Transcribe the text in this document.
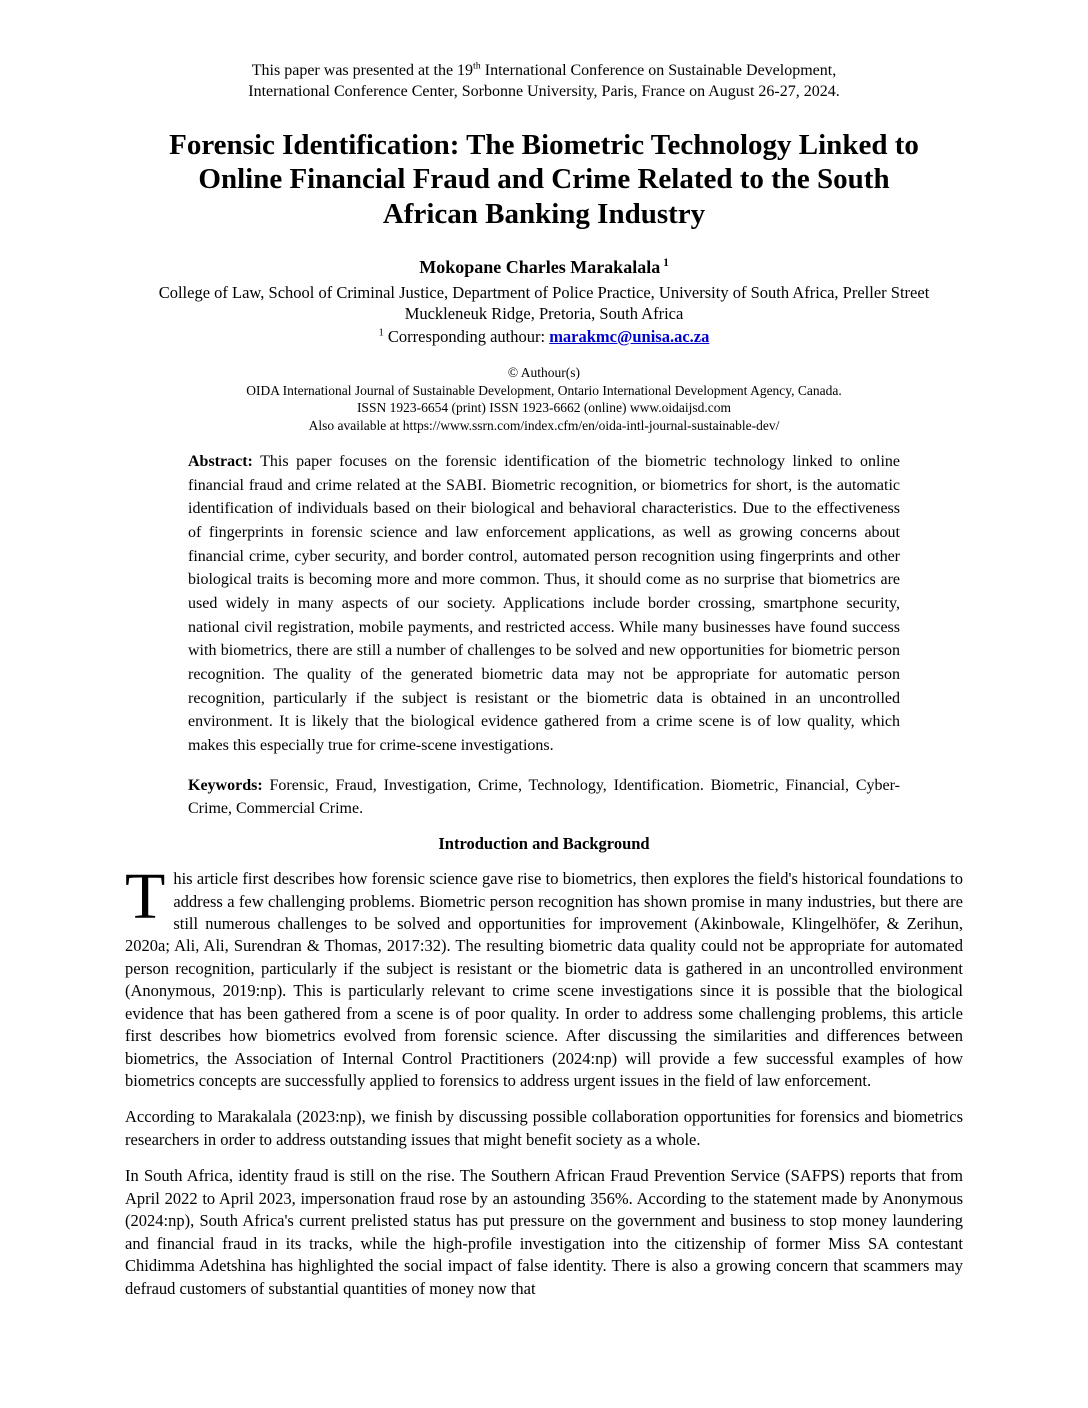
This paper was presented at the 19th International Conference on Sustainable Development,
International Conference Center, Sorbonne University, Paris, France on August 26-27, 2024.
Forensic Identification: The Biometric Technology Linked to
Online Financial Fraud and Crime Related to the South
African Banking Industry
Mokopane Charles Marakalala $^1$
College of Law, School of Criminal Justice, Department of Police Practice, University of South Africa, Preller Street Muckleneuk Ridge, Pretoria, South Africa
$^1$ Corresponding authour: marakmc@unisa.ac.za
© Authour(s)
OIDA International Journal of Sustainable Development, Ontario International Development Agency, Canada.
ISSN 1923-6654 (print) ISSN 1923-6662 (online) www.oidaijsd.com
Also available at https://www.ssrn.com/index.cfm/en/oida-intl-journal-sustainable-dev/

Abstract: This paper focuses on the forensic identification of the biometric technology linked to online financial fraud and crime related at the SABI. Biometric recognition, or biometrics for short, is the automatic identification of individuals based on their biological and behavioral characteristics. Due to the effectiveness of fingerprints in forensic science and law enforcement applications, as well as growing concerns about financial crime, cyber security, and border control, automated person recognition using fingerprints and other biological traits is becoming more and more common. Thus, it should come as no surprise that biometrics are used widely in many aspects of our society. Applications include border crossing, smartphone security, national civil registration, mobile payments, and restricted access. While many businesses have found success with biometrics, there are still a number of challenges to be solved and new opportunities for biometric person recognition. The quality of the generated biometric data may not be appropriate for automatic person recognition, particularly if the subject is resistant or the biometric data is obtained in an uncontrolled environment. It is likely that the biological evidence gathered from a crime scene is of low quality, which makes this especially true for crime-scene investigations.

Keywords: Forensic, Fraud, Investigation, Crime, Technology, Identification. Biometric, Financial, Cyber-Crime, Commercial Crime.

Introduction and Background

This article first describes how forensic science gave rise to biometrics, then explores the field's historical foundations to address a few challenging problems. Biometric person recognition has shown promise in many industries, but there are still numerous challenges to be solved and opportunities for improvement (Akinbowale, Klingelhöfer, & Zerihun, 2020a; Ali, Ali, Surendran & Thomas, 2017:32). The resulting biometric data quality could not be appropriate for automated person recognition, particularly if the subject is resistant or the biometric data is gathered in an uncontrolled environment (Anonymous, 2019:np). This is particularly relevant to crime scene investigations since it is possible that the biological evidence that has been gathered from a scene is of poor quality. In order to address some challenging problems, this article first describes how biometrics evolved from forensic science. After discussing the similarities and differences between biometrics, the Association of Internal Control Practitioners (2024:np) will provide a few successful examples of how biometrics concepts are successfully applied to forensics to address urgent issues in the field of law enforcement.

According to Marakalala (2023:np), we finish by discussing possible collaboration opportunities for forensics and biometrics researchers in order to address outstanding issues that might benefit society as a whole.

In South Africa, identity fraud is still on the rise. The Southern African Fraud Prevention Service (SAFPS) reports that from April 2022 to April 2023, impersonation fraud rose by an astounding 356%. According to the statement made by Anonymous (2024:np), South Africa's current prelisted status has put pressure on the government and business to stop money laundering and financial fraud in its tracks, while the high-profile investigation into the citizenship of former Miss SA contestant Chidimma Adetshina has highlighted the social impact of false identity. There is also a growing concern that scammers may defraud customers of substantial quantities of money now that
